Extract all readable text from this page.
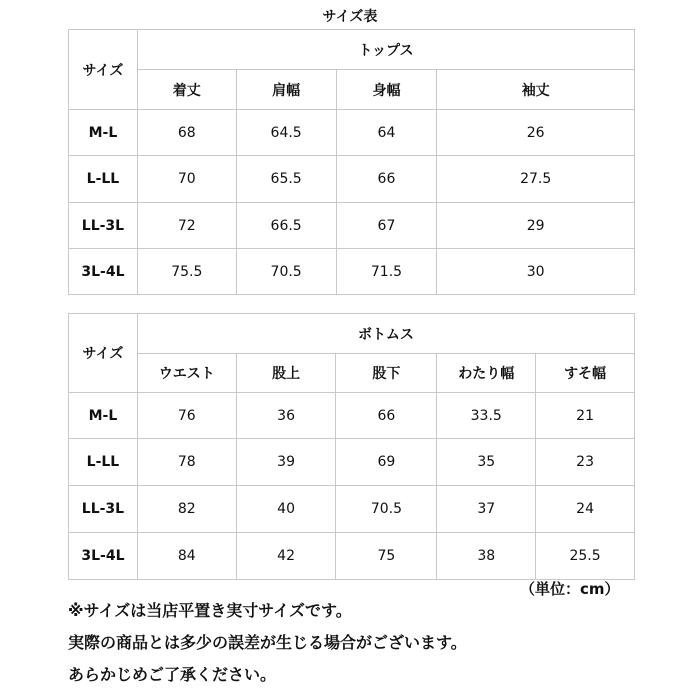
サイズ表
サイズ	トップス			
	着丈	肩幅	身幅	袖丈
M-L	68	64.5	64	26
L-LL	70	65.5	66	27.5
LL-3L	72	66.5	67	29
3L-4L	75.5	70.5	71.5	30
サイズ	ボトムス				
	ウエスト	股上	股下	わたり幅	すそ幅
M-L	76	36	66	33.5	21
L-LL	78	39	69	35	23
LL-3L	82	40	70.5	37	24
3L-4L	84	42	75	38	25.5
（単位：cm）
※サイズは当店平置き実寸サイズです。
実際の商品とは多少の誤差が生じる場合がございます。
あらかじめご了承ください。
